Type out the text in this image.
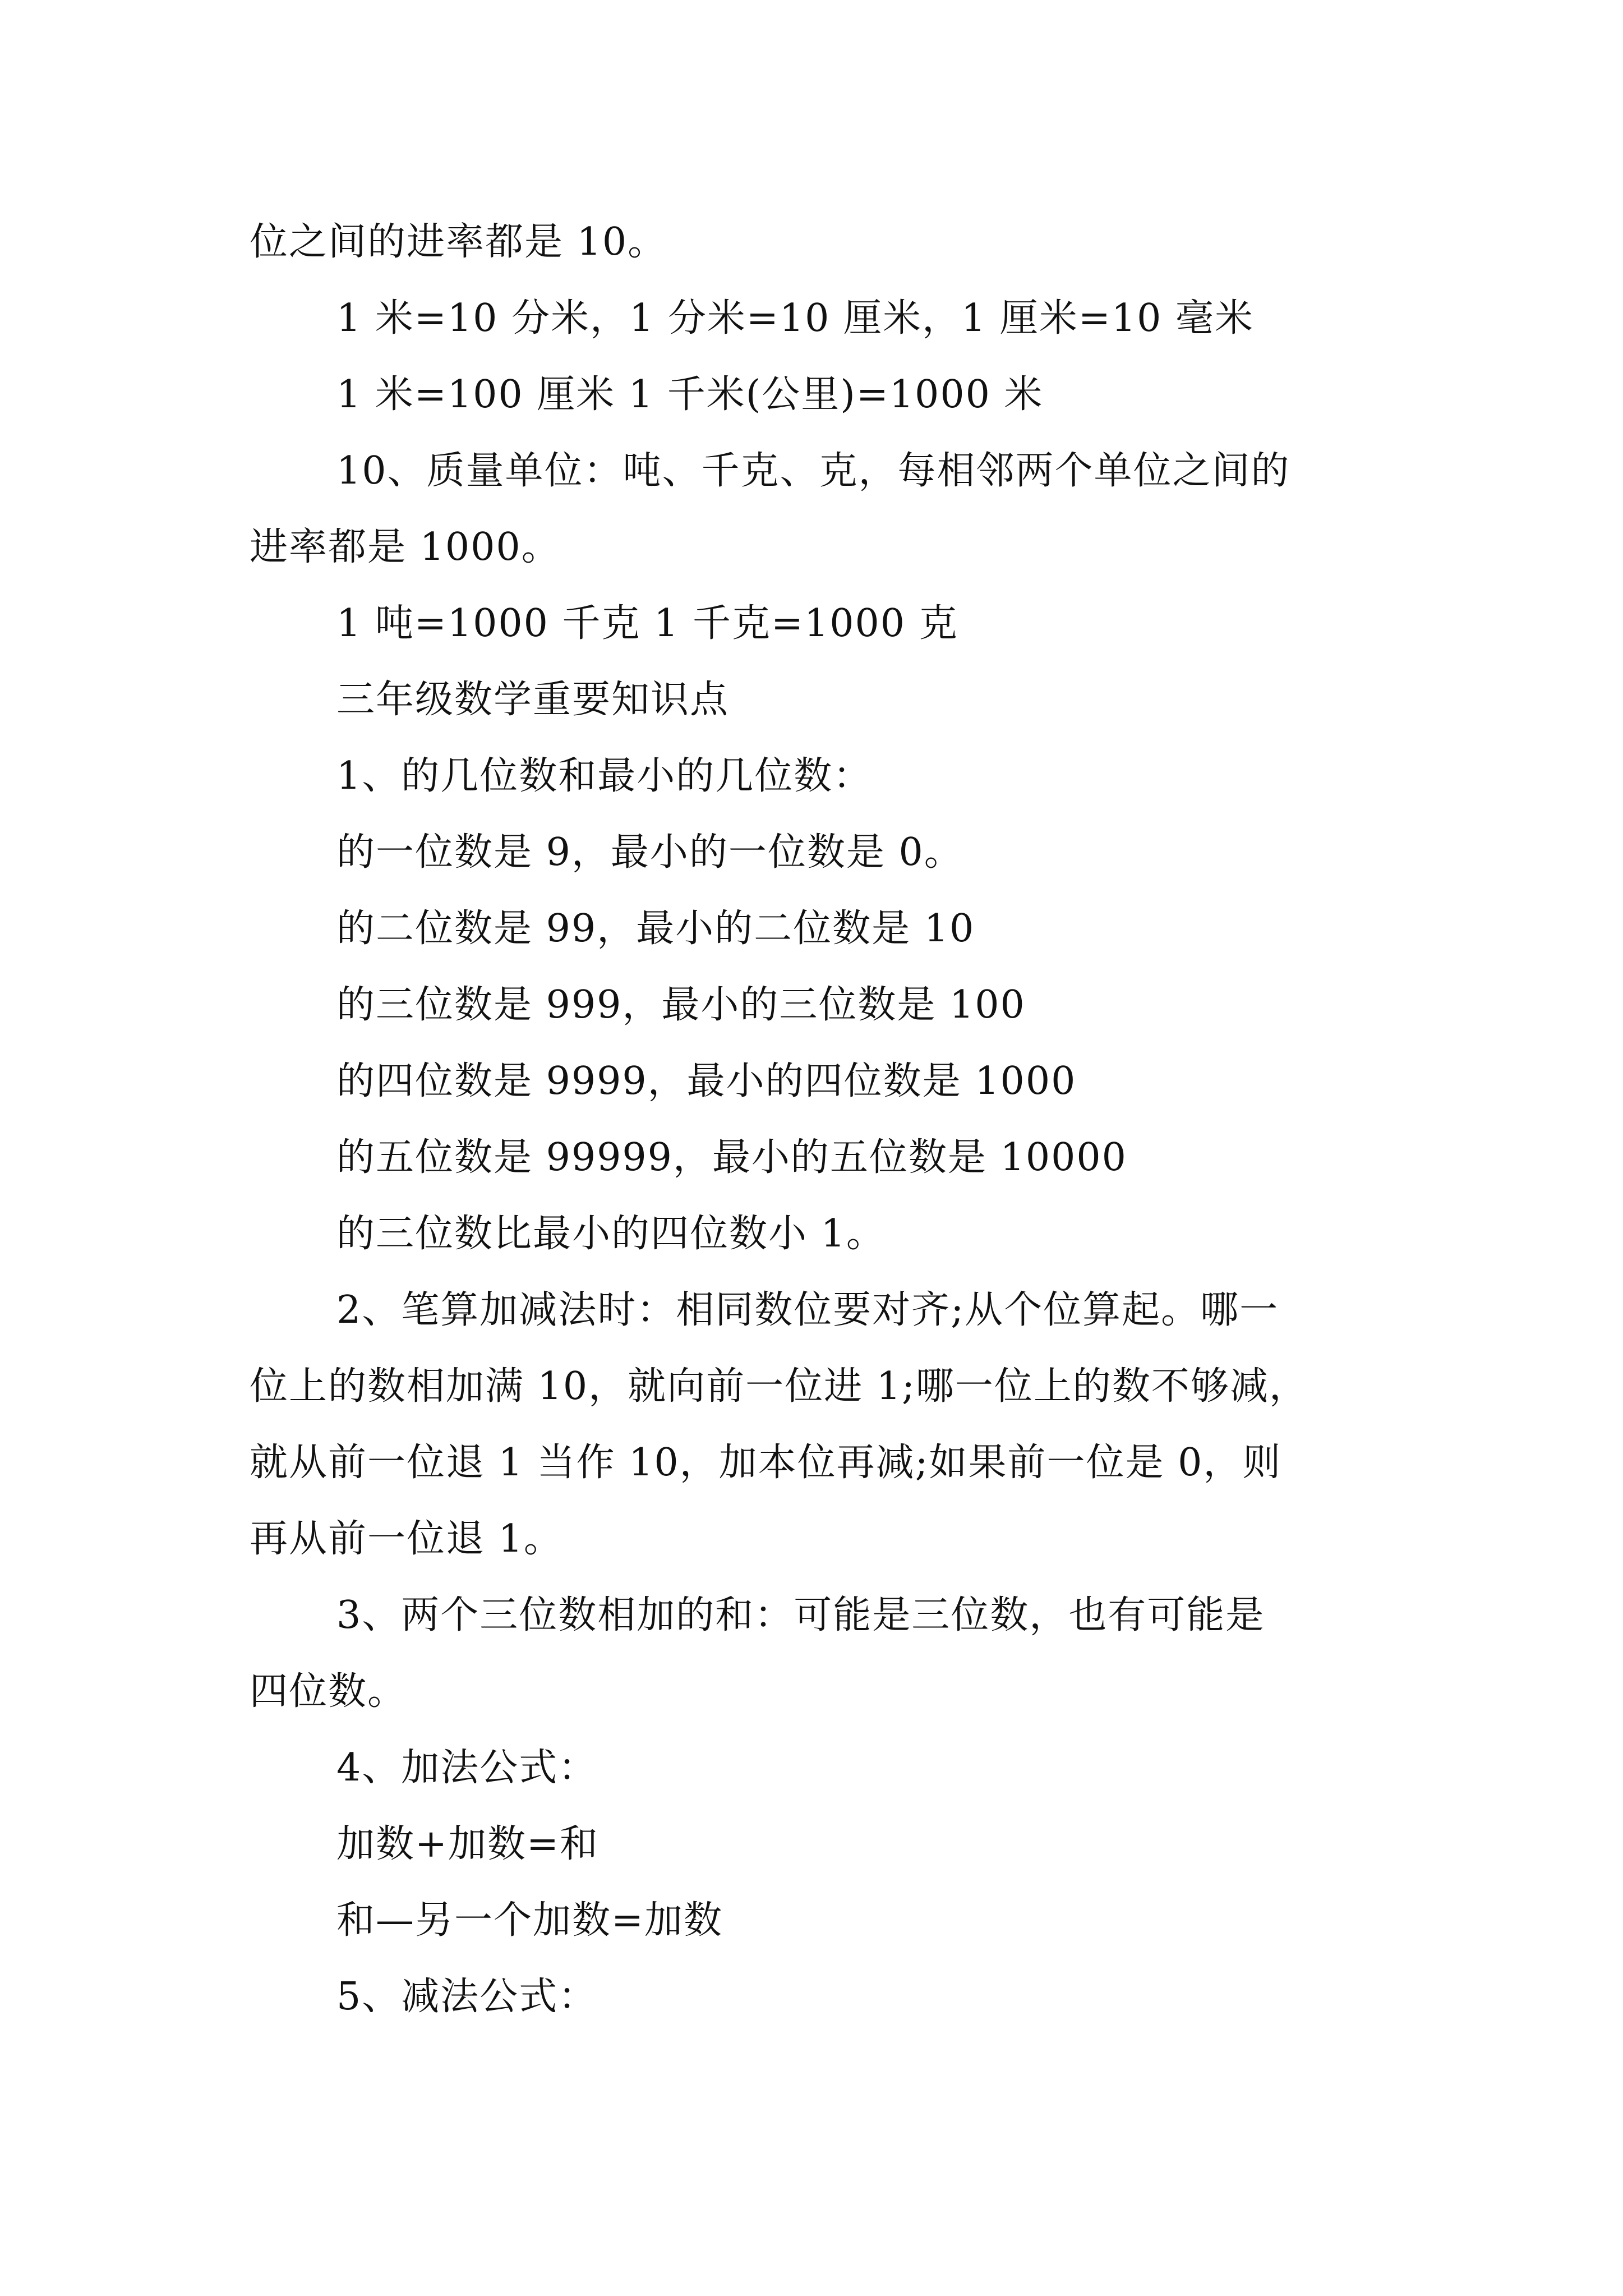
位之间的进率都是 10。

1 米=10 分米，1 分米=10 厘米，1 厘米=10 毫米

1 米=100 厘米 1 千米(公里)=1000 米

10、质量单位：吨、千克、克，每相邻两个单位之间的

进率都是 1000。

1 吨=1000 千克 1 千克=1000 克

三年级数学重要知识点

1、的几位数和最小的几位数：

的一位数是 9，最小的一位数是 0。

的二位数是 99，最小的二位数是 10

的三位数是 999，最小的三位数是 100

的四位数是 9999，最小的四位数是 1000

的五位数是 99999，最小的五位数是 10000

的三位数比最小的四位数小 1。

2、笔算加减法时：相同数位要对齐;从个位算起。哪一

位上的数相加满 10，就向前一位进 1;哪一位上的数不够减，

就从前一位退 1 当作 10，加本位再减;如果前一位是 0，则

再从前一位退 1。

3、两个三位数相加的和：可能是三位数，也有可能是

四位数。

4、加法公式：

加数+加数=和

和—另一个加数=加数

5、减法公式：
